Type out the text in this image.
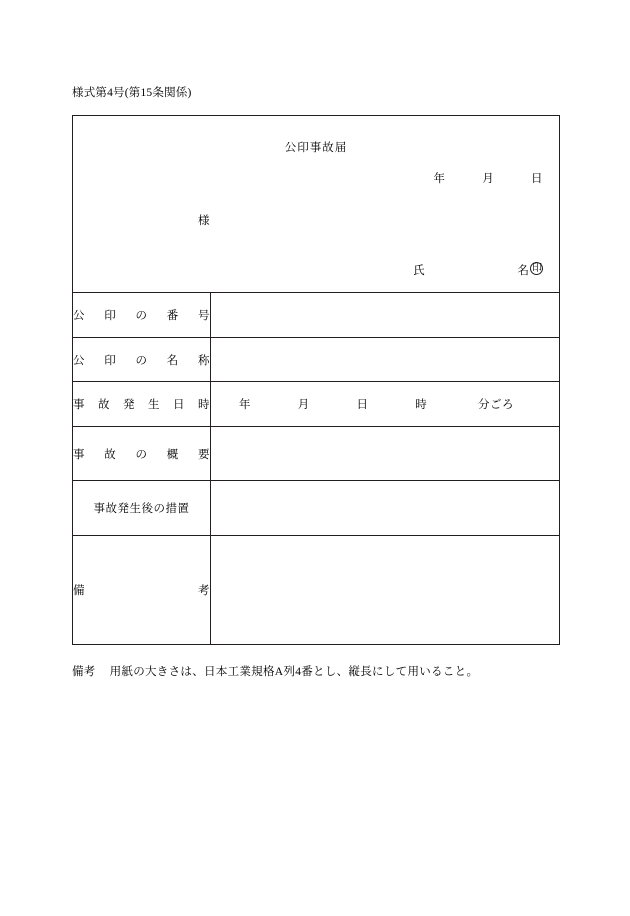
様式第4号(第15条関係)
公印事故届
年 月 日
様
氏 名 印	

公印の番号	

公印の名称	

事故発生日時	年 月 日 時 分ごろ

事故の概要	

事故発生後の措置	

備考	

備考 用紙の大きさは、日本工業規格A列4番とし、縦長にして用いること。
